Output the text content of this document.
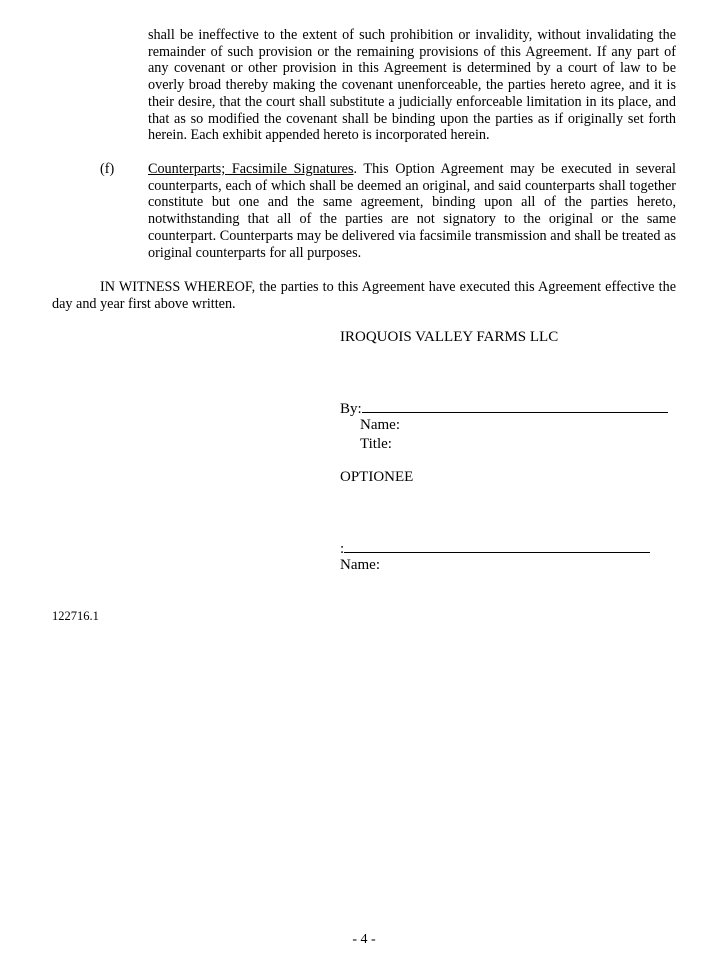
shall be ineffective to the extent of such prohibition or invalidity, without invalidating the remainder of such provision or the remaining provisions of this Agreement. If any part of any covenant or other provision in this Agreement is determined by a court of law to be overly broad thereby making the covenant unenforceable, the parties hereto agree, and it is their desire, that the court shall substitute a judicially enforceable limitation in its place, and that as so modified the covenant shall be binding upon the parties as if originally set forth herein. Each exhibit appended hereto is incorporated herein.

(f) Counterparts; Facsimile Signatures. This Option Agreement may be executed in several counterparts, each of which shall be deemed an original, and said counterparts shall together constitute but one and the same agreement, binding upon all of the parties hereto, notwithstanding that all of the parties are not signatory to the original or the same counterpart. Counterparts may be delivered via facsimile transmission and shall be treated as original counterparts for all purposes.

IN WITNESS WHEREOF, the parties to this Agreement have executed this Agreement effective the day and year first above written.

IROQUOIS VALLEY FARMS LLC
By:
Name:
Title:
OPTIONEE
:
Name:
122716.1
- 4 -
